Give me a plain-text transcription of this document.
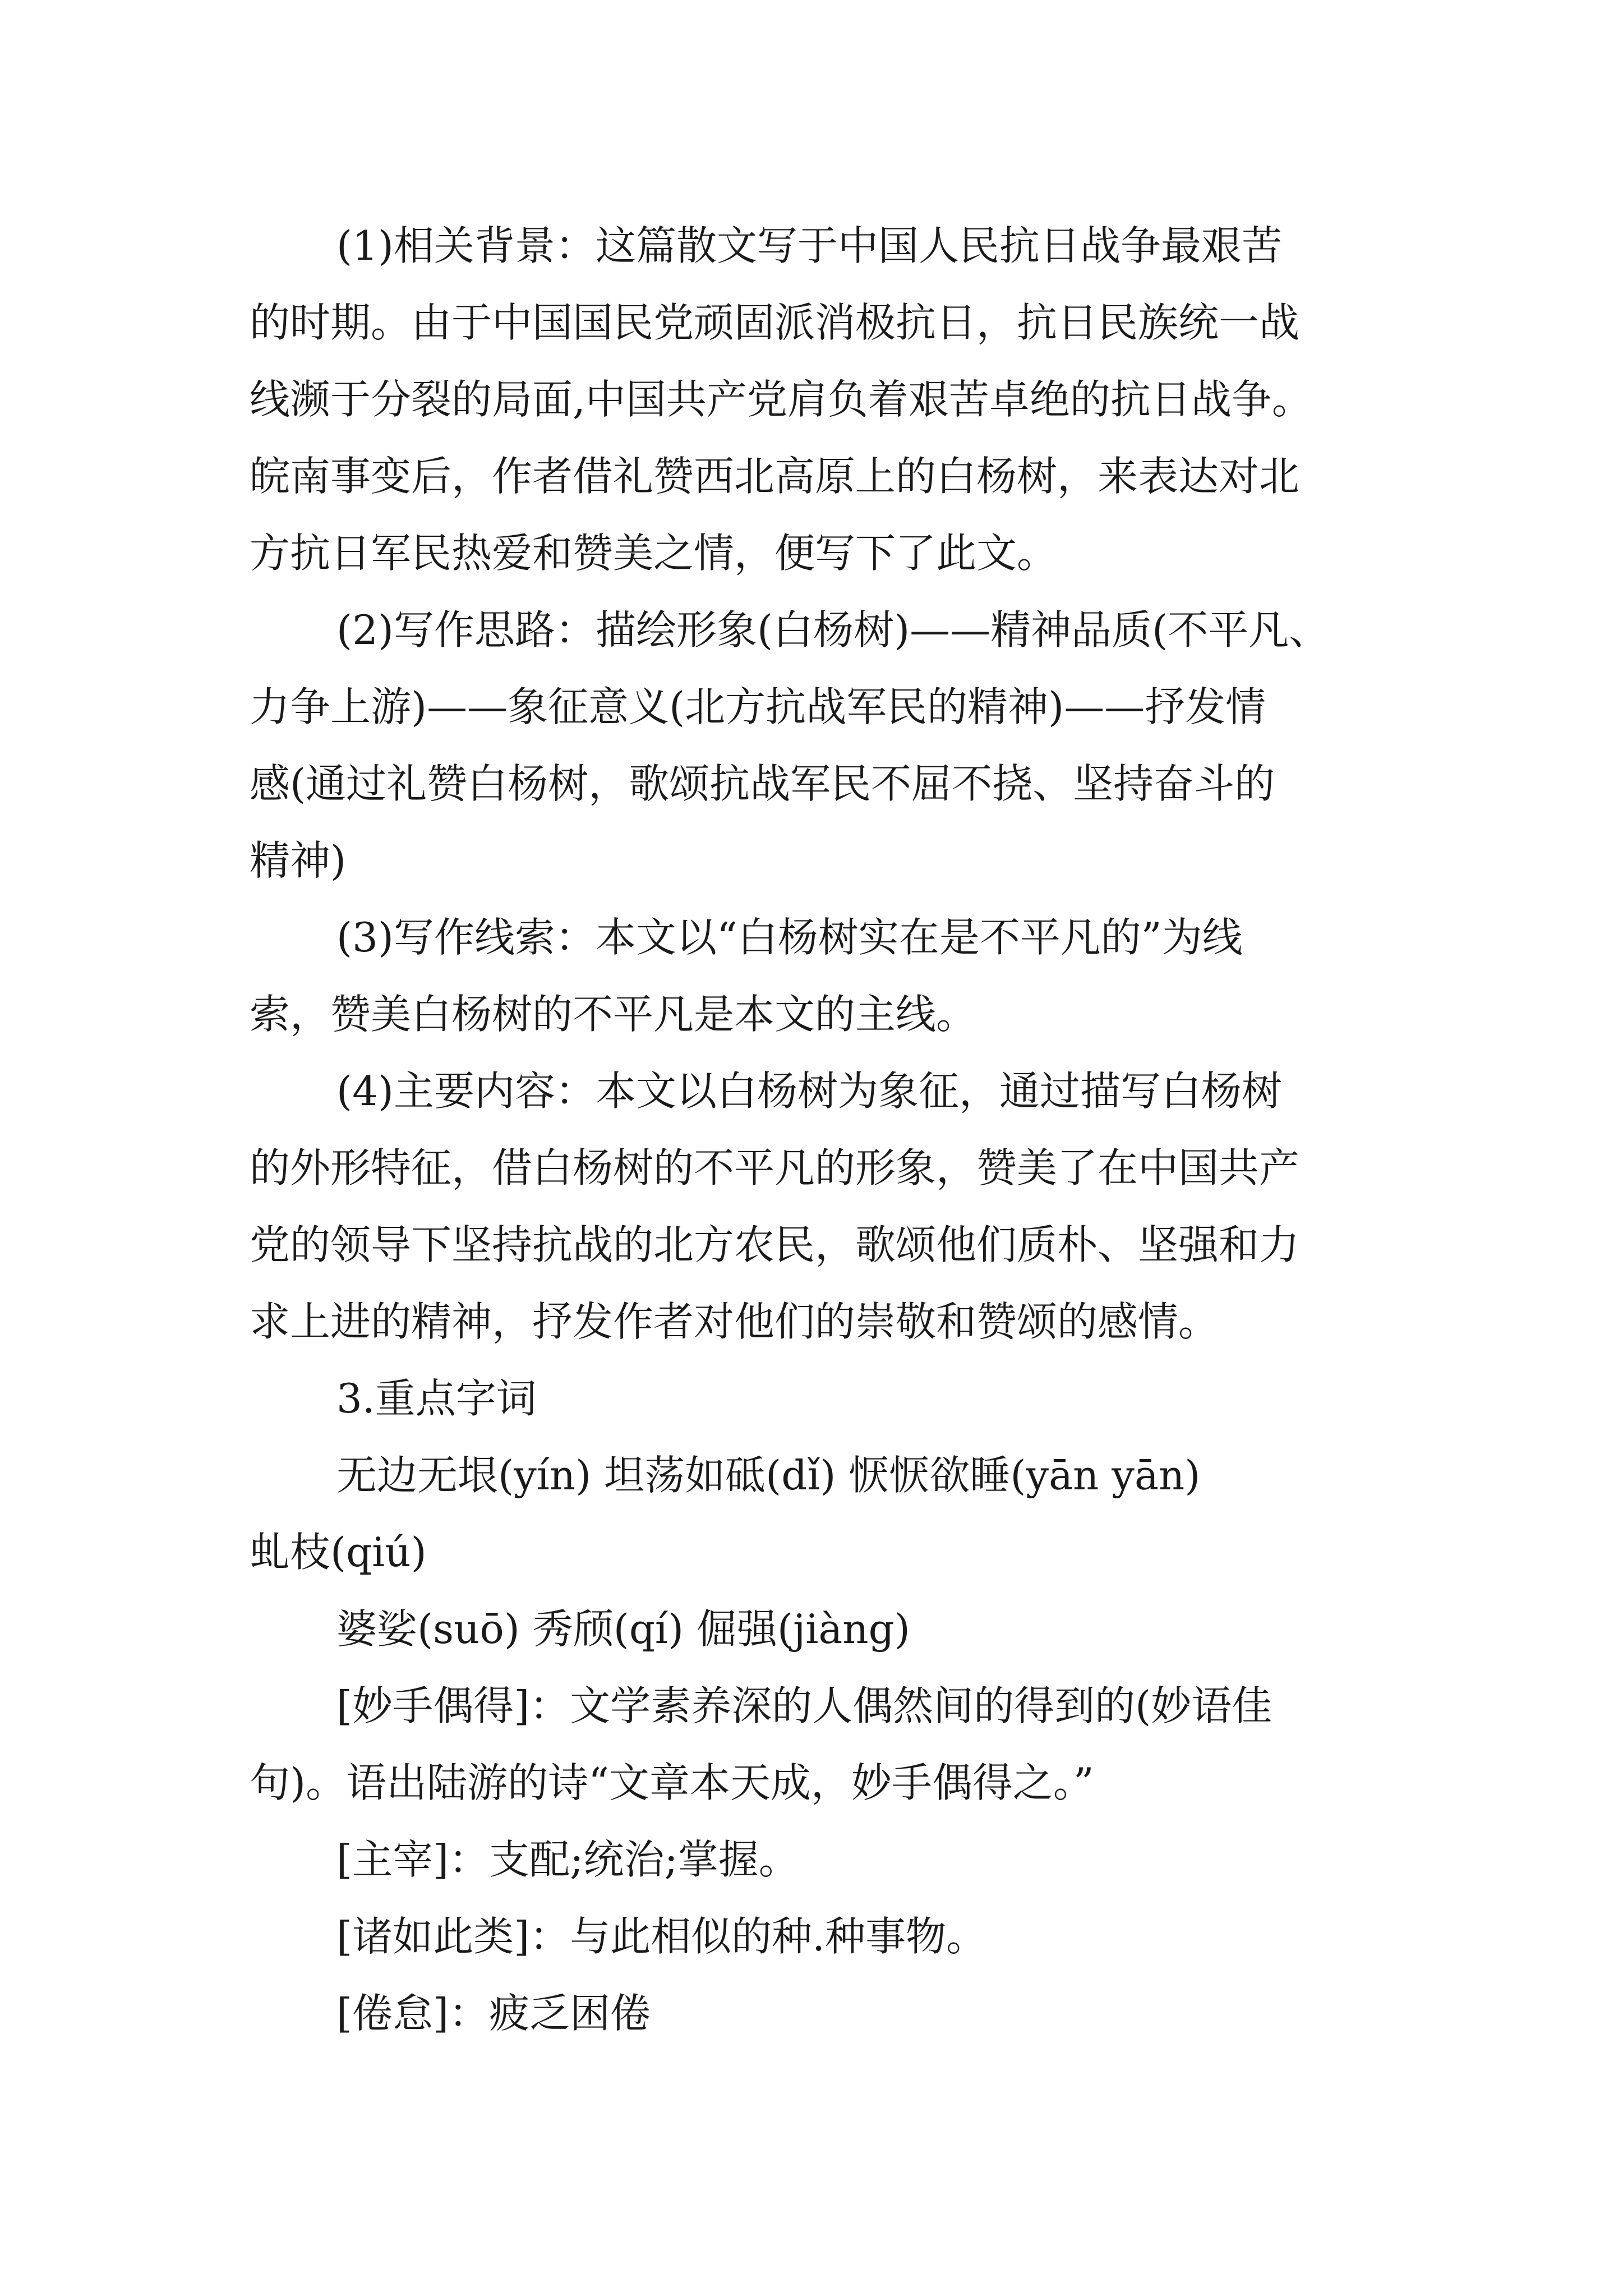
(1)相关背景：这篇散文写于中国人民抗日战争最艰苦
的时期。由于中国国民党顽固派消极抗日，抗日民族统一战
线濒于分裂的局面,中国共产党肩负着艰苦卓绝的抗日战争。
皖南事变后，作者借礼赞西北高原上的白杨树，来表达对北
方抗日军民热爱和赞美之情，便写下了此文。
(2)写作思路：描绘形象(白杨树)——精神品质(不平凡、
力争上游)——象征意义(北方抗战军民的精神)——抒发情
感(通过礼赞白杨树，歌颂抗战军民不屈不挠、坚持奋斗的
精神)
(3)写作线索：本文以“白杨树实在是不平凡的”为线
索，赞美白杨树的不平凡是本文的主线。
(4)主要内容：本文以白杨树为象征，通过描写白杨树
的外形特征，借白杨树的不平凡的形象，赞美了在中国共产
党的领导下坚持抗战的北方农民，歌颂他们质朴、坚强和力
求上进的精神，抒发作者对他们的崇敬和赞颂的感情。
3.重点字词
无边无垠(yín) 坦荡如砥(dǐ) 恹恹欲睡(yān yān)
虬枝(qiú)
婆娑(suō) 秀颀(qí) 倔强(jiàng)
[妙手偶得]：文学素养深的人偶然间的得到的(妙语佳
句)。语出陆游的诗“文章本天成，妙手偶得之。”
[主宰]：支配;统治;掌握。
[诸如此类]：与此相似的种.种事物。
[倦怠]：疲乏困倦
